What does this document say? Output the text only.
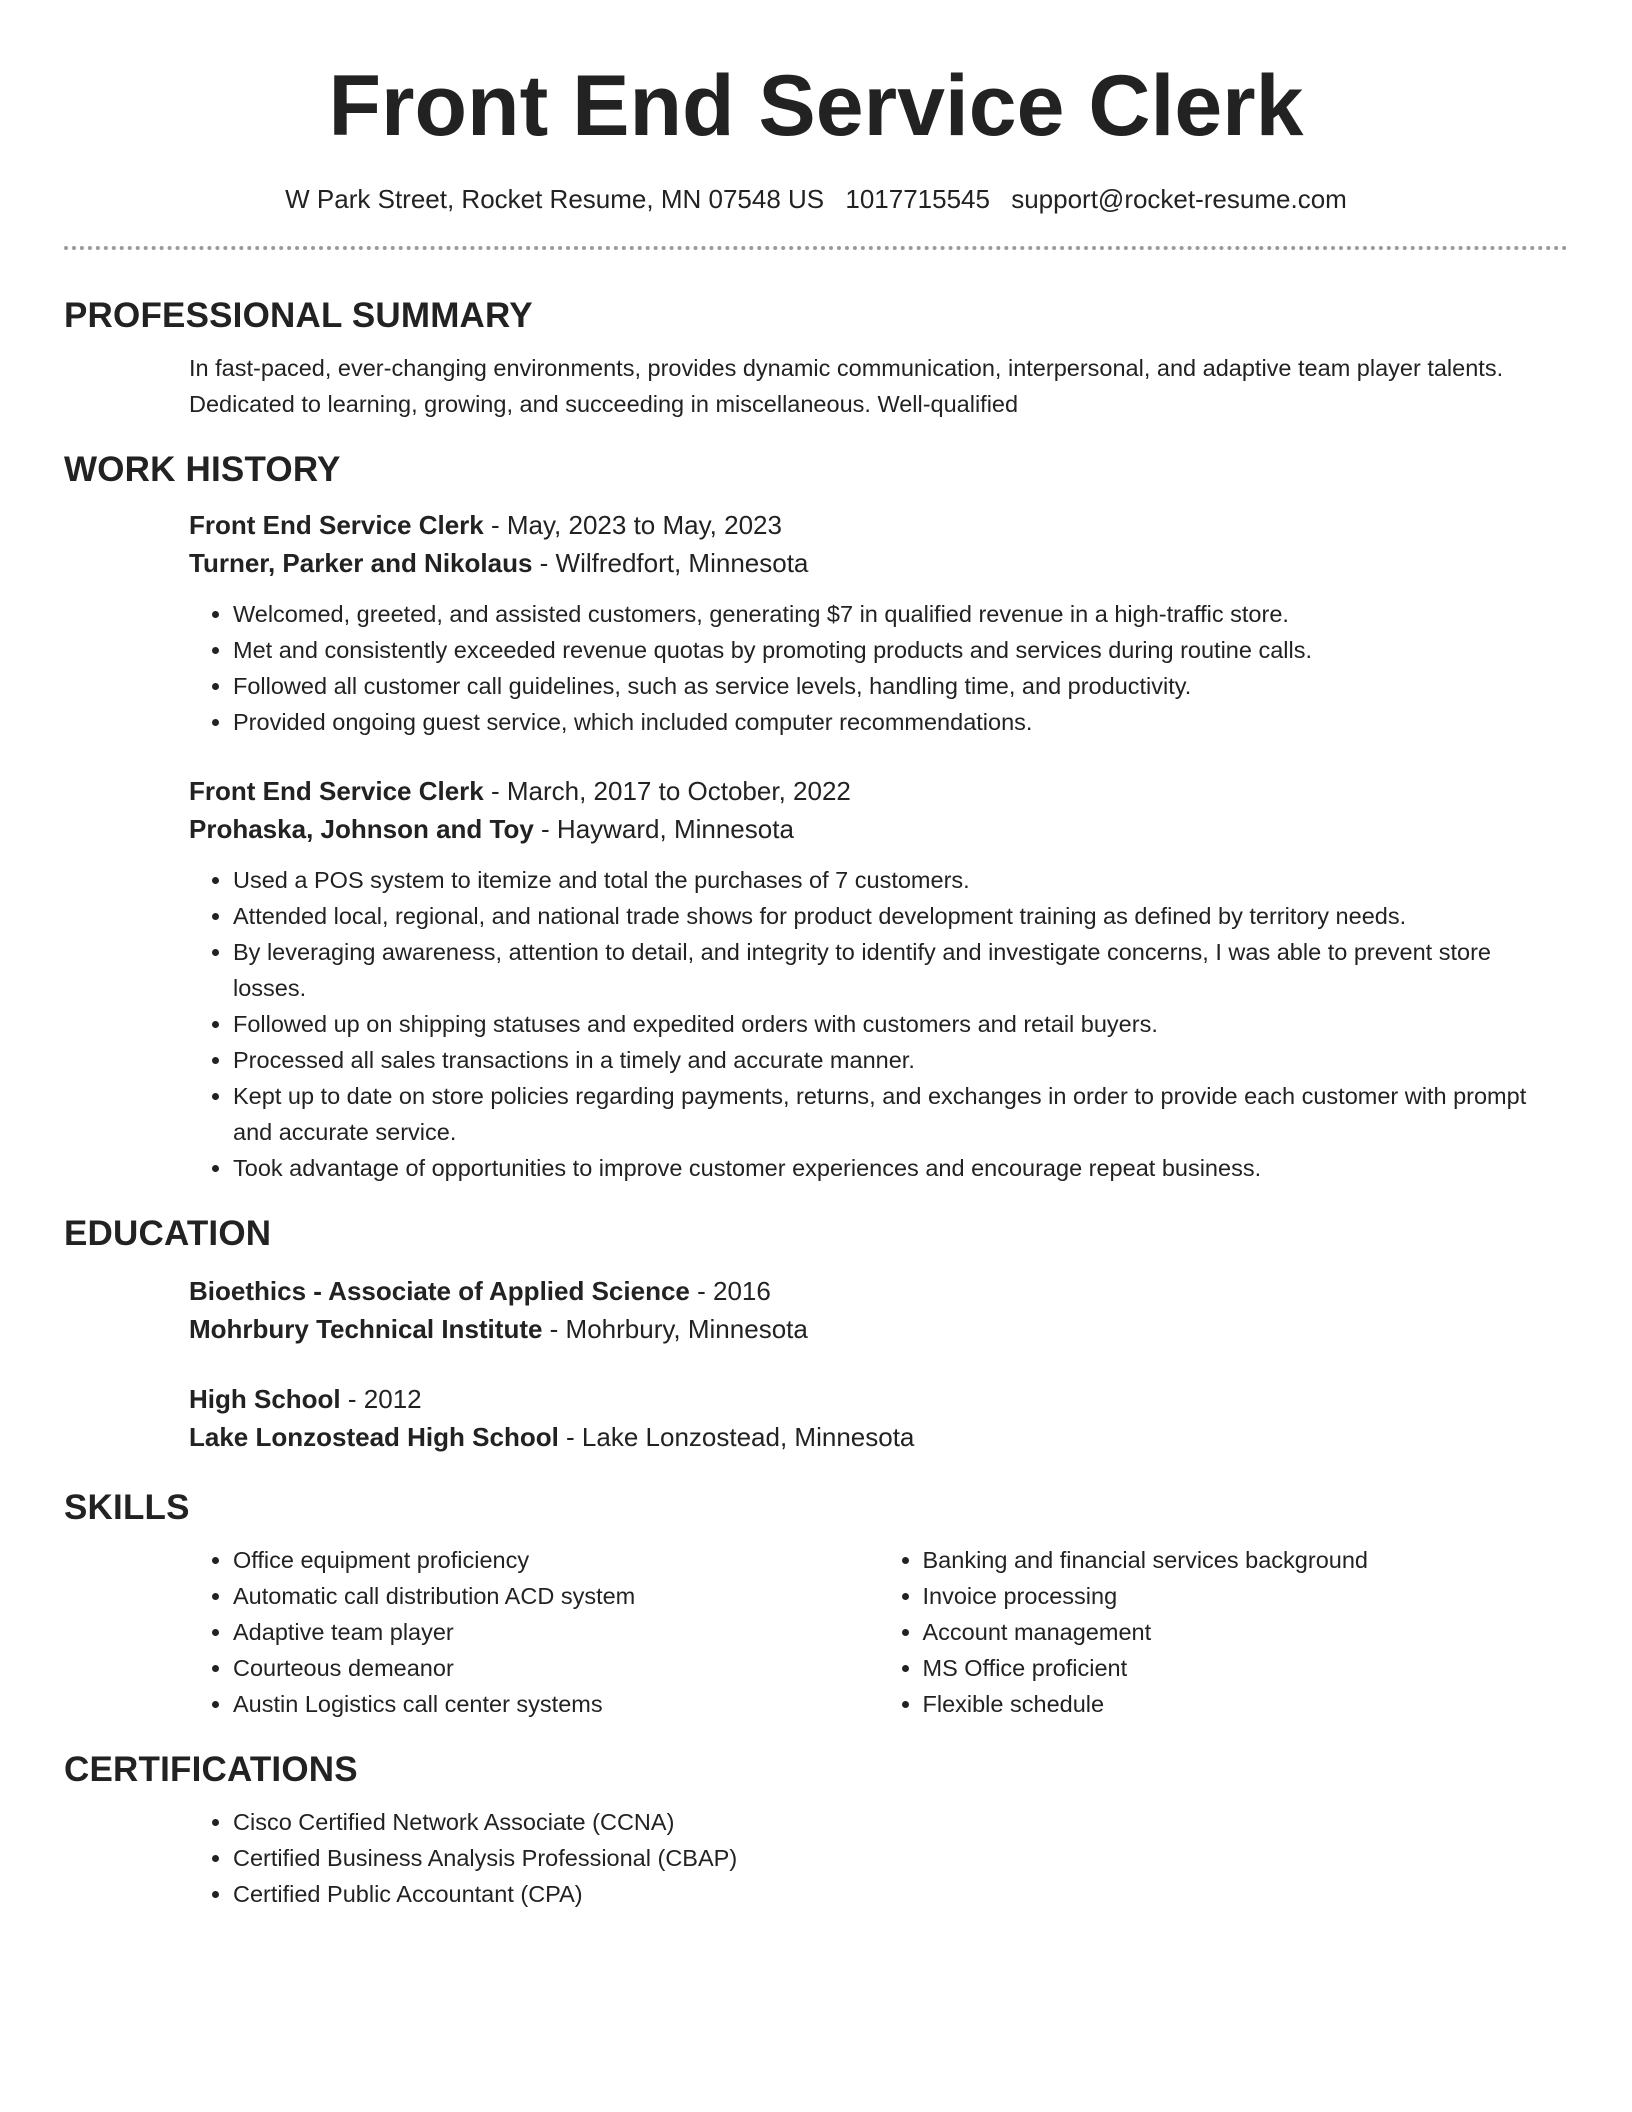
Front End Service Clerk
W Park Street, Rocket Resume, MN 07548 US 1017715545 support@rocket-resume.com
PROFESSIONAL SUMMARY

In fast-paced, ever-changing environments, provides dynamic communication, interpersonal, and adaptive team player talents. Dedicated to learning, growing, and succeeding in miscellaneous. Well-qualified

WORK HISTORY
Front End Service Clerk - May, 2023 to May, 2023
Turner, Parker and Nikolaus - Wilfredfort, Minnesota
• Welcomed, greeted, and assisted customers, generating $7 in qualified revenue in a high-traffic store.
• Met and consistently exceeded revenue quotas by promoting products and services during routine calls.
• Followed all customer call guidelines, such as service levels, handling time, and productivity.
• Provided ongoing guest service, which included computer recommendations.
Front End Service Clerk - March, 2017 to October, 2022
Prohaska, Johnson and Toy - Hayward, Minnesota
• Used a POS system to itemize and total the purchases of 7 customers.
• Attended local, regional, and national trade shows for product development training as defined by territory needs.
• By leveraging awareness, attention to detail, and integrity to identify and investigate concerns, I was able to prevent store losses.
• Followed up on shipping statuses and expedited orders with customers and retail buyers.
• Processed all sales transactions in a timely and accurate manner.
• Kept up to date on store policies regarding payments, returns, and exchanges in order to provide each customer with prompt and accurate service.
• Took advantage of opportunities to improve customer experiences and encourage repeat business.
EDUCATION
Bioethics - Associate of Applied Science - 2016
Mohrbury Technical Institute - Mohrbury, Minnesota
High School - 2012
Lake Lonzostead High School - Lake Lonzostead, Minnesota
SKILLS
• Office equipment proficiency
• Automatic call distribution ACD system
• Adaptive team player
• Courteous demeanor
• Austin Logistics call center systems
• Banking and financial services background
• Invoice processing
• Account management
• MS Office proficient
• Flexible schedule
CERTIFICATIONS
• Cisco Certified Network Associate (CCNA)
• Certified Business Analysis Professional (CBAP)
• Certified Public Accountant (CPA)
